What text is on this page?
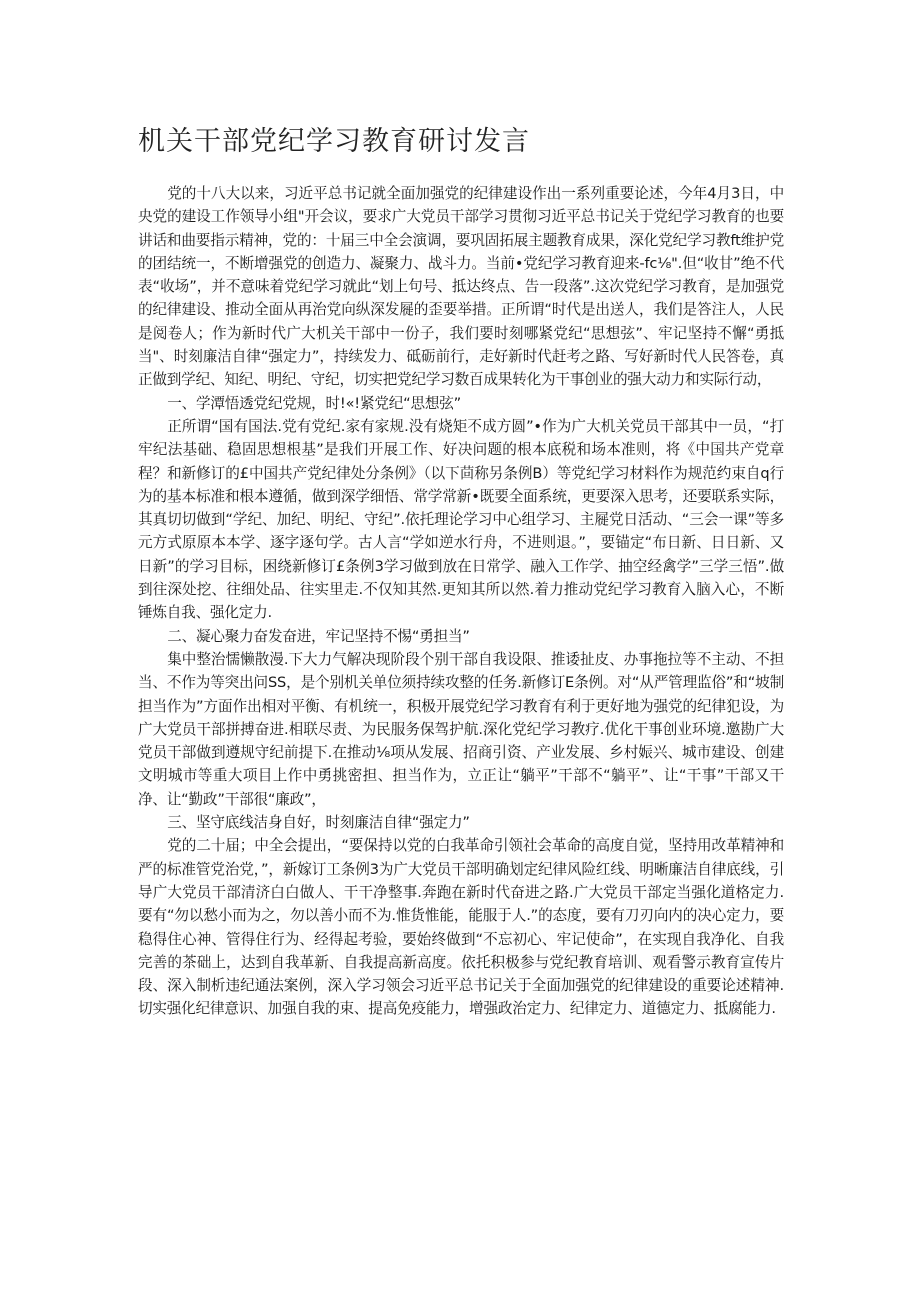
机关干部党纪学习教育研讨发言

党的十八大以来，习近平总书记就全面加强党的纪律建设作出一系列重要论述，今年4月3日，中央党的建设工作领导小组"开会议，要求广大党员干部学习贯彻习近平总书记关于党纪学习教育的也要讲话和曲要指示精神，党的：十届三中全会演调，要巩固拓展主题教育成果，深化党纪学习教ft维护党的团结统一，不断增强党的创造力、凝聚力、战斗力。当前•党纪学习教育迎来-fc⅛".但“收甘”绝不代表“收场”，并不意味着党纪学习就此“划上句号、抵达终点、告一段落”.这次党纪学习教育，是加强党的纪律建设、推动全面从再治党向纵深发屣的歪要举措。正所谓“时代是出送人，我们是答注人，人民是阅卷人；作为新时代广大机关干部中一份子，我们要时刻哪紧党纪“思想弦”、牢记坚持不懈“勇抵当"、时刻廉洁自律“强定力”，持续发力、砥砺前行，走好新时代赶考之路、写好新时代人民答卷，真正做到学纪、知纪、明纪、守纪，切实把党纪学习数百成果转化为干事创业的强大动力和实际行动，

一、学潭悟透党纪党规，时!«!紧党纪“思想弦”

正所谓“国有国法.党有党纪.家有家规.没有烧矩不成方圆”•作为广大机关党员干部其中一员，“打牢纪法基础、稳固思想根基”是我们开展工作、好决问题的根本底税和场本准则，将《中国共产党章程？和新修订的£中国共产党纪律处分条例》（以下茴称另条例B）等党纪学习材料作为规范约束自q行为的基本标准和根本遵循，做到深学细悟、常学常新•既要全面系统，更要深入思考，还要联系实际，其真切切做到“学纪、加纪、明纪、守纪”.依托理论学习中心组学习、主屣党日活动、“三会一课”等多元方式原原本本学、逐字逐句学。古人言“学如逆水行舟，不进则退。”，要锚定“布日新、日日新、又日新”的学习目标，困绕新修订£条例3学习做到放在日常学、融入工作学、抽空经禽学”三学三悟”.做到往深处挖、往细处品、往实里走.不仅知其然.更知其所以然.着力推动党纪学习教育入脑入心，不断锤炼自我、强化定力.

二、凝心聚力奋发奋进，牢记坚持不惕“勇担当”

集中整治懦懒散漫.下大力气解决现阶段个别干部自我设限、推诿扯皮、办事拖拉等不主动、不担当、不作为等突出问SS，是个别机关单位须持续攻整的任务.新修订E条例。对“从严管理监俗”和“坡制担当作为”方面作出相对平衡、有机统一，积极开展党纪学习教育有利于更好地为强党的纪律犯设，为广大党员干部拼搏奋进.相联尽责、为民服务保驾护航.深化党纪学习教疗.优化干事创业环境.邀勘广大党员干部做到遵规守纪前提下.在推动⅛项从发展、招商引资、产业发展、乡村娠兴、城市建设、创建文明城市等重大项目上作中勇挑密担、担当作为，立正让“躺平”干部不“躺平”、让“干事”干部又干净、让“勤政”干部很“廉政”，

三、坚守底线洁身自好，时刻廉洁自律“强定力”

党的二十届；中全会提出，“要保持以党的白我革命引领社会革命的高度自觉，坚持用改革精神和严的标准管党治党，”，新嫁订工条例3为广大党员干部明确划定纪律风险红线、明晰廉洁自律底线，引导广大党员干部清济白白做人、干干净整事.奔跑在新时代奋进之路.广大党员干部定当强化道格定力.要有“勿以愁小而为之，勿以善小而不为.惟货惟能，能服于人.”的态度，要有刀刃向内的决心定力，要稳得住心神、管得住行为、经得起考验，要始终做到“不忘初心、牢记使命”，在实现自我净化、自我完善的茶础上，达到自我革新、自我提高新高度。依托积极参与党纪教育培训、观看警示教育宣传片段、深入制析违纪通法案例，深入学习领会习近平总书记关于全面加强党的纪律建设的重要论述精神.切实强化纪律意识、加强自我的束、提高免疫能力，增强政治定力、纪律定力、道德定力、抵腐能力.
